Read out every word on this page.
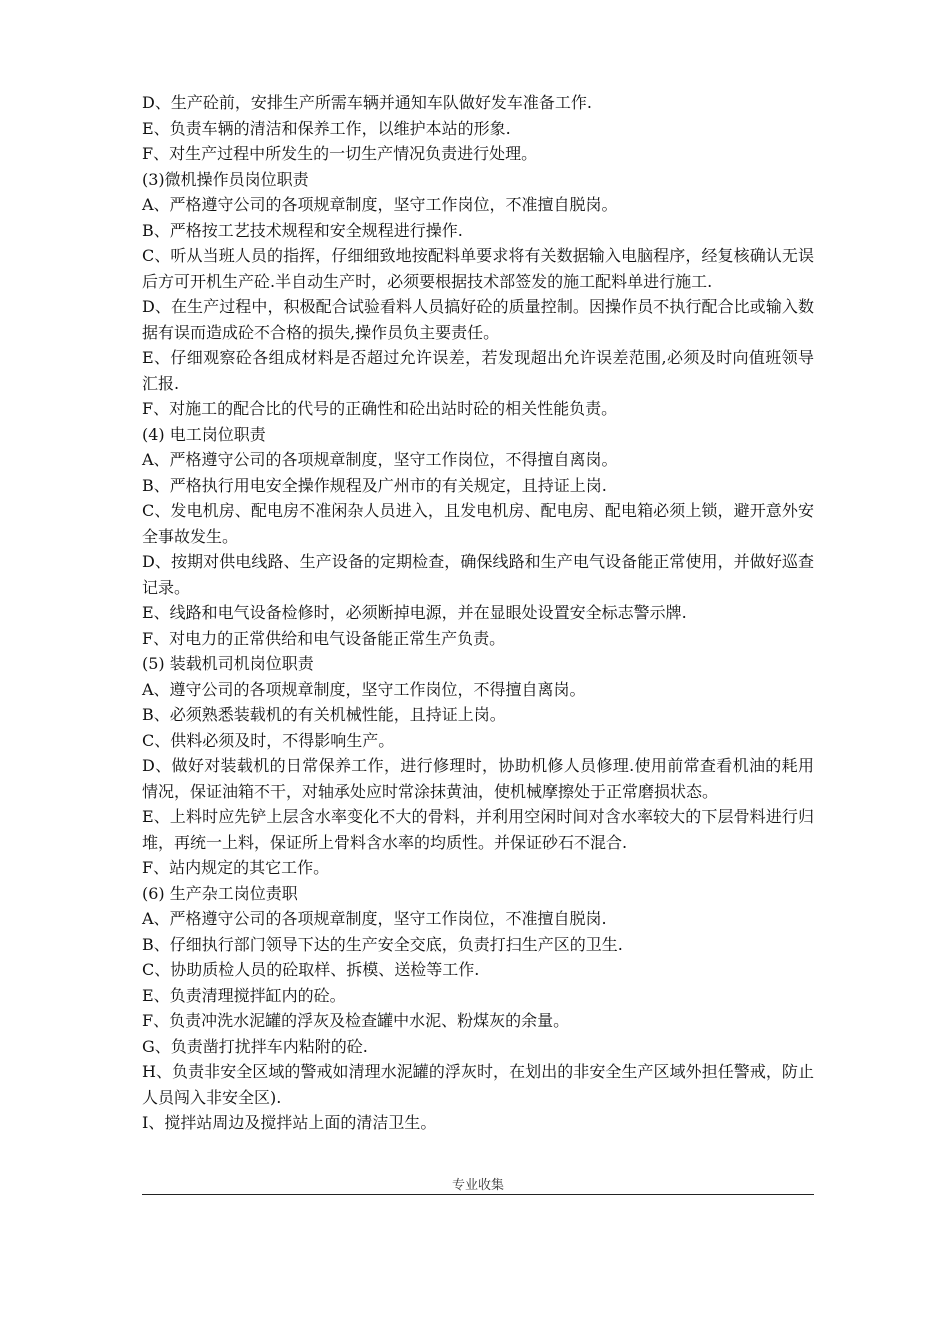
D、生产砼前，安排生产所需车辆并通知车队做好发车准备工作.

E、负责车辆的清洁和保养工作，以维护本站的形象.

F、对生产过程中所发生的一切生产情况负责进行处理。

(3)微机操作员岗位职责

A、严格遵守公司的各项规章制度，坚守工作岗位，不准擅自脱岗。

B、严格按工艺技术规程和安全规程进行操作.

C、听从当班人员的指挥，仔细细致地按配料单要求将有关数据输入电脑程序，经复核确认无误后方可开机生产砼.半自动生产时，必须要根据技术部签发的施工配料单进行施工.

D、在生产过程中，积极配合试验看料人员搞好砼的质量控制。因操作员不执行配合比或输入数据有误而造成砼不合格的损失,操作员负主要责任。

E、仔细观察砼各组成材料是否超过允许误差，若发现超出允许误差范围,必须及时向值班领导汇报.

F、对施工的配合比的代号的正确性和砼出站时砼的相关性能负责。

(4) 电工岗位职责

A、严格遵守公司的各项规章制度，坚守工作岗位，不得擅自离岗。

B、严格执行用电安全操作规程及广州市的有关规定，且持证上岗.

C、发电机房、配电房不准闲杂人员进入，且发电机房、配电房、配电箱必须上锁，避开意外安全事故发生。

D、按期对供电线路、生产设备的定期检查，确保线路和生产电气设备能正常使用，并做好巡查记录。

E、线路和电气设备检修时，必须断掉电源，并在显眼处设置安全标志警示牌.

F、对电力的正常供给和电气设备能正常生产负责。

(5) 装载机司机岗位职责

A、遵守公司的各项规章制度，坚守工作岗位，不得擅自离岗。

B、必须熟悉装载机的有关机械性能，且持证上岗。

C、供料必须及时，不得影响生产。

D、做好对装载机的日常保养工作，进行修理时，协助机修人员修理.使用前常查看机油的耗用情况，保证油箱不干，对轴承处应时常涂抹黄油，使机械摩擦处于正常磨损状态。

E、上料时应先铲上层含水率变化不大的骨料，并利用空闲时间对含水率较大的下层骨料进行归堆，再统一上料，保证所上骨料含水率的均质性。并保证砂石不混合.

F、站内规定的其它工作。

(6) 生产杂工岗位责职

A、严格遵守公司的各项规章制度，坚守工作岗位，不准擅自脱岗.

B、仔细执行部门领导下达的生产安全交底，负责打扫生产区的卫生.

C、协助质检人员的砼取样、拆模、送检等工作.

E、负责清理搅拌缸内的砼。

F、负责冲洗水泥罐的浮灰及检查罐中水泥、粉煤灰的余量。

G、负责凿打扰拌车内粘附的砼.

H、负责非安全区域的警戒如清理水泥罐的浮灰时，在划出的非安全生产区域外担任警戒，防止人员闯入非安全区).

I、搅拌站周边及搅拌站上面的清洁卫生。

专业收集
